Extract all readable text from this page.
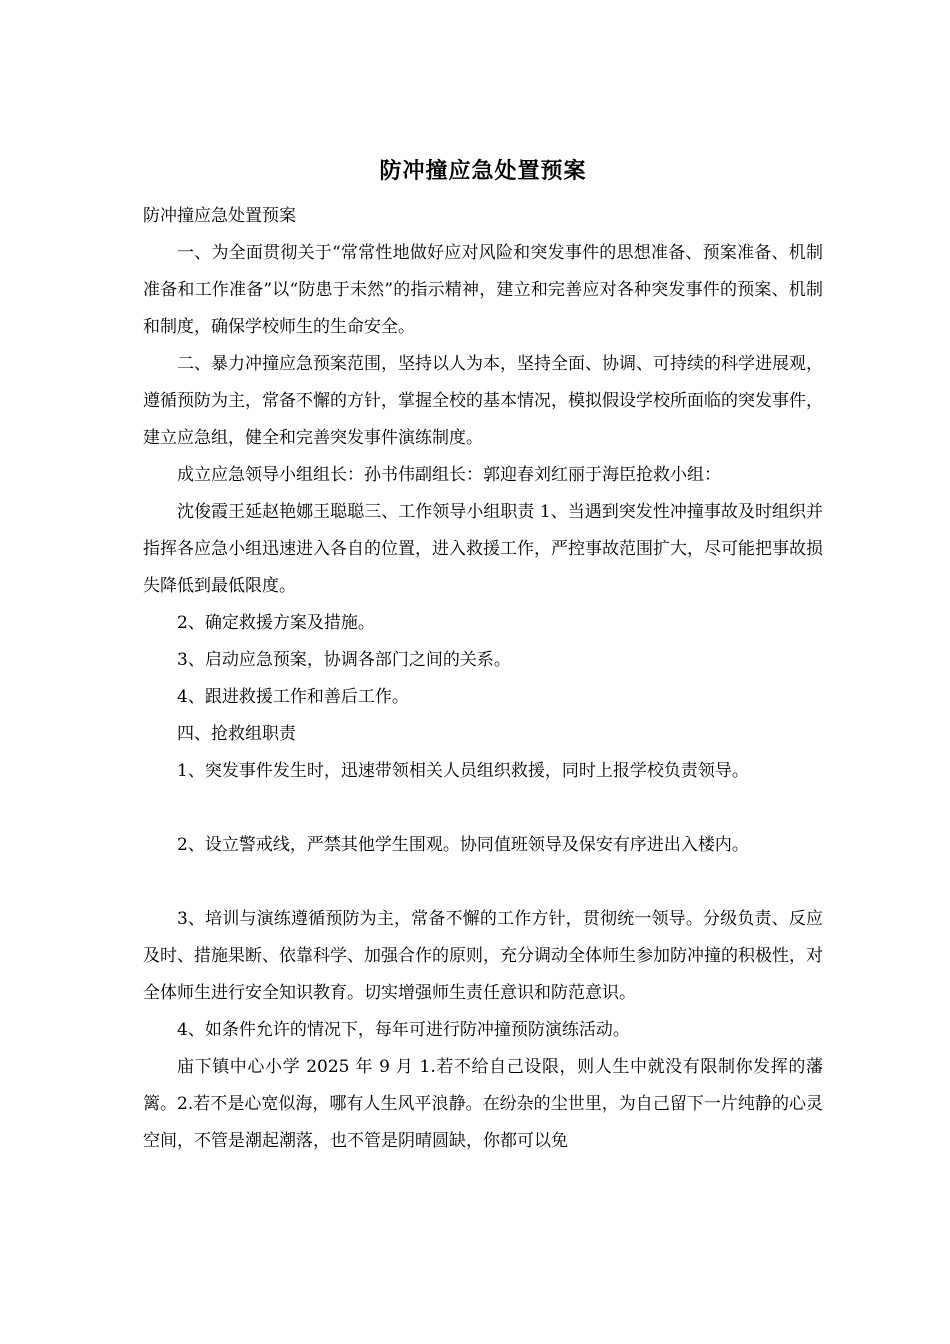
防冲撞应急处置预案

防冲撞应急处置预案

一、为全面贯彻关于“常常性地做好应对风险和突发事件的思想准备、预案准备、机制准备和工作准备”以“防患于未然”的指示精神，建立和完善应对各种突发事件的预案、机制和制度，确保学校师生的生命安全。

二、暴力冲撞应急预案范围，坚持以人为本，坚持全面、协调、可持续的科学进展观，遵循预防为主，常备不懈的方针，掌握全校的基本情况，模拟假设学校所面临的突发事件，建立应急组，健全和完善突发事件演练制度。

成立应急领导小组组长：孙书伟副组长：郭迎春刘红丽于海臣抢救小组：

沈俊霞王延赵艳娜王聪聪三、工作领导小组职责 1、当遇到突发性冲撞事故及时组织并指挥各应急小组迅速进入各自的位置，进入救援工作，严控事故范围扩大，尽可能把事故损失降低到最低限度。

2、确定救援方案及措施。

3、启动应急预案，协调各部门之间的关系。

4、跟进救援工作和善后工作。

四、抢救组职责

1、突发事件发生时，迅速带领相关人员组织救援，同时上报学校负责领导。

2、设立警戒线，严禁其他学生围观。协同值班领导及保安有序进出入楼内。

3、培训与演练遵循预防为主，常备不懈的工作方针，贯彻统一领导。分级负责、反应及时、措施果断、依靠科学、加强合作的原则，充分调动全体师生参加防冲撞的积极性，对全体师生进行安全知识教育。切实增强师生责任意识和防范意识。

4、如条件允许的情况下，每年可进行防冲撞预防演练活动。

庙下镇中心小学 2025 年 9 月 1.若不给自己设限，则人生中就没有限制你发挥的藩篱。2.若不是心宽似海，哪有人生风平浪静。在纷杂的尘世里，为自己留下一片纯静的心灵空间，不管是潮起潮落，也不管是阴晴圆缺，你都可以免
